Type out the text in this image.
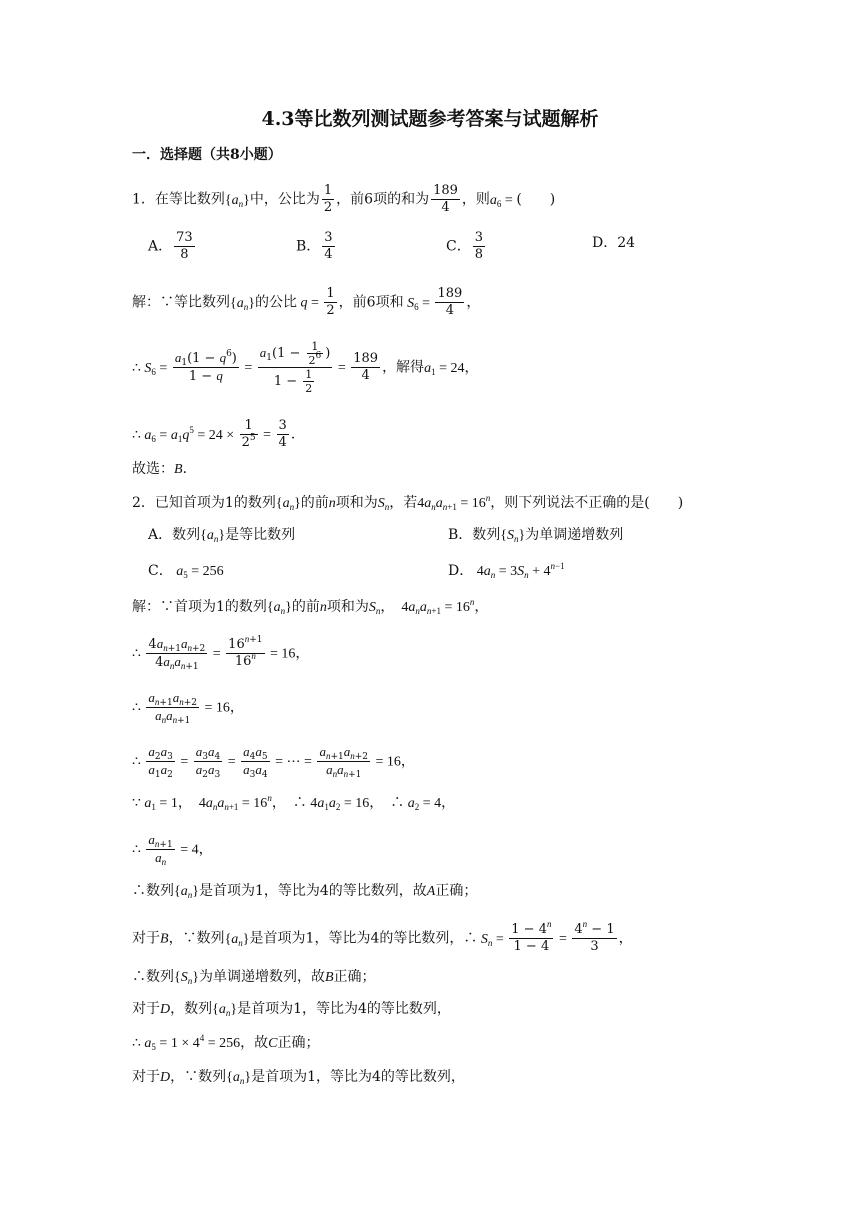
4.3等比数列测试题参考答案与试题解析
一．选择题（共8小题）
1．在等比数列$\{a_n\}$中，公比为 $\frac{1}{2}$ ，前6项的和为 $\frac{189}{4}$ ，则$a_6$ = (　　)
A． $\frac{73}{8}$	B． $\frac{3}{4}$	C． $\frac{3}{8}$	D．24
解：∵等比数列$\{a_n\}$的公比 $q = \frac{1}{2}$ ，前6项和 $S_6 = \frac{189}{4}$ ，
∴ $S_6 = \frac{a_1(1 - q^6)}{1 - q} = \frac{a_1(1 - \frac{1}{2^6} )}{1 - \frac{1}{2}} = \frac{189}{4}$ ，解得$a_1 = 24$，
∴ $a_6 = a_1q^5 = 24 \times \frac{1}{2^5} = \frac{3}{4}$ ．
故选：B．
2．已知首项为1的数列$\{a_n\}$的前n项和为$S_n$，若$4a_na_{n+1} = 16^n$，则下列说法不正确的是(　　)
A．数列$\{a_n\}$是等比数列	B．数列$\{S_n\}$为单调递增数列
C． $a_5 = 256$	D． $4a_n = 3S_n + 4^{n-1}$
解：∵首项为1的数列$\{a_n\}$的前n项和为$S_n$，　$4a_na_{n+1} = 16^n$，
∴ $\frac{4a_{n+1}a_{n+2}}{4a_na_{n+1}} = \frac{16^{n+1}}{16^n} = 16$，
∴ $\frac{a_{n+1}a_{n+2}}{a_na_{n+1}} = 16$，
∴ $\frac{a_2a_3}{a_1a_2} = \frac{a_3a_4}{a_2a_3} = \frac{a_4a_5}{a_3a_4}$ = ⋯ = $\frac{a_{n+1}a_{n+2}}{a_na_{n+1}} = 16$，
∵ $a_1 = 1$，　$4a_na_{n+1} = 16^n$，　∴ $4a_1a_2 = 16$，　∴ $a_2 = 4$，
∴ $\frac{a_{n+1}}{a_n} = 4$，
∴数列$\{a_n\}$是首项为1，等比为4的等比数列，故A正确；
对于B，∵数列$\{a_n\}$是首项为1，等比为4的等比数列，∴ $S_n = \frac{1 - 4^n}{1 - 4} = \frac{4^n - 1}{3}$ ，
∴数列$\{S_n\}$为单调递增数列，故B正确；
对于D，数列$\{a_n\}$是首项为1，等比为4的等比数列，
∴ $a_5 = 1 \times 4^4 = 256$，故C正确；
对于D，∵数列$\{a_n\}$是首项为1，等比为4的等比数列，
